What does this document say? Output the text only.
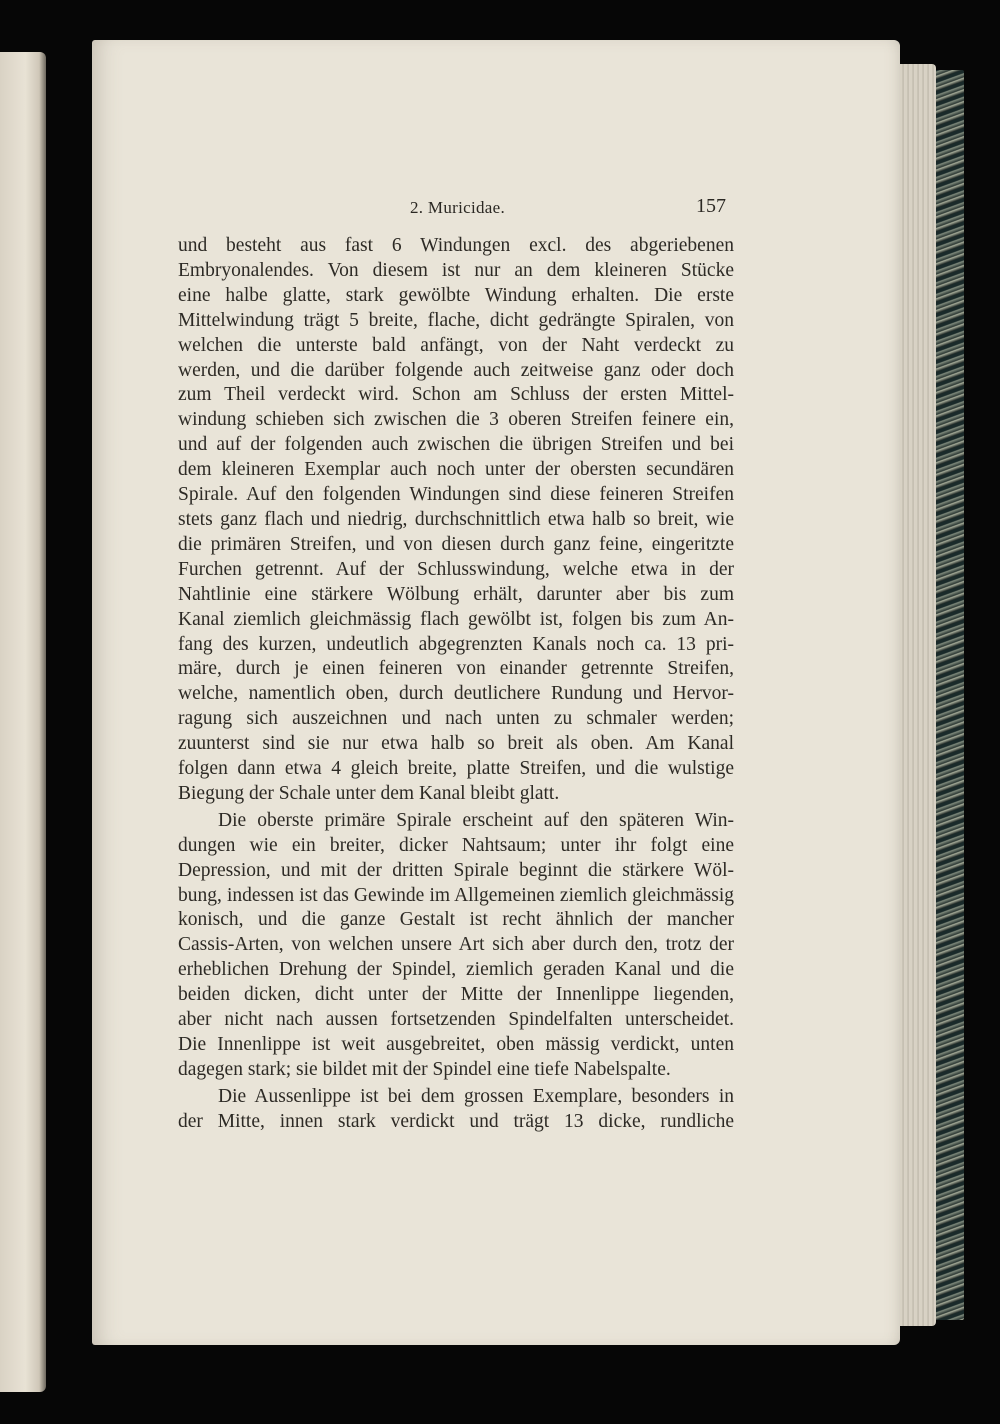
2. Muricidae.	157
und besteht aus fast 6 Windungen excl. des abgeriebenen
Embryonalendes. Von diesem ist nur an dem kleineren Stücke
eine halbe glatte, stark gewölbte Windung erhalten. Die erste
Mittelwindung trägt 5 breite, flache, dicht gedrängte Spiralen, von
welchen die unterste bald anfängt, von der Naht verdeckt zu
werden, und die darüber folgende auch zeitweise ganz oder doch
zum Theil verdeckt wird. Schon am Schluss der ersten Mittel-
windung schieben sich zwischen die 3 oberen Streifen feinere ein,
und auf der folgenden auch zwischen die übrigen Streifen und bei
dem kleineren Exemplar auch noch unter der obersten secundären
Spirale. Auf den folgenden Windungen sind diese feineren Streifen
stets ganz flach und niedrig, durchschnittlich etwa halb so breit, wie
die primären Streifen, und von diesen durch ganz feine, eingeritzte
Furchen getrennt. Auf der Schlusswindung, welche etwa in der
Nahtlinie eine stärkere Wölbung erhält, darunter aber bis zum
Kanal ziemlich gleichmässig flach gewölbt ist, folgen bis zum An-
fang des kurzen, undeutlich abgegrenzten Kanals noch ca. 13 pri-
märe, durch je einen feineren von einander getrennte Streifen,
welche, namentlich oben, durch deutlichere Rundung und Hervor-
ragung sich auszeichnen und nach unten zu schmaler werden;
zuunterst sind sie nur etwa halb so breit als oben. Am Kanal
folgen dann etwa 4 gleich breite, platte Streifen, und die wulstige
Biegung der Schale unter dem Kanal bleibt glatt.
Die oberste primäre Spirale erscheint auf den späteren Win-
dungen wie ein breiter, dicker Nahtsaum; unter ihr folgt eine
Depression, und mit der dritten Spirale beginnt die stärkere Wöl-
bung, indessen ist das Gewinde im Allgemeinen ziemlich gleichmässig
konisch, und die ganze Gestalt ist recht ähnlich der mancher
Cassis-Arten, von welchen unsere Art sich aber durch den, trotz der
erheblichen Drehung der Spindel, ziemlich geraden Kanal und die
beiden dicken, dicht unter der Mitte der Innenlippe liegenden,
aber nicht nach aussen fortsetzenden Spindelfalten unterscheidet.
Die Innenlippe ist weit ausgebreitet, oben mässig verdickt, unten
dagegen stark; sie bildet mit der Spindel eine tiefe Nabelspalte.
Die Aussenlippe ist bei dem grossen Exemplare, besonders in
der Mitte, innen stark verdickt und trägt 13 dicke, rundliche
